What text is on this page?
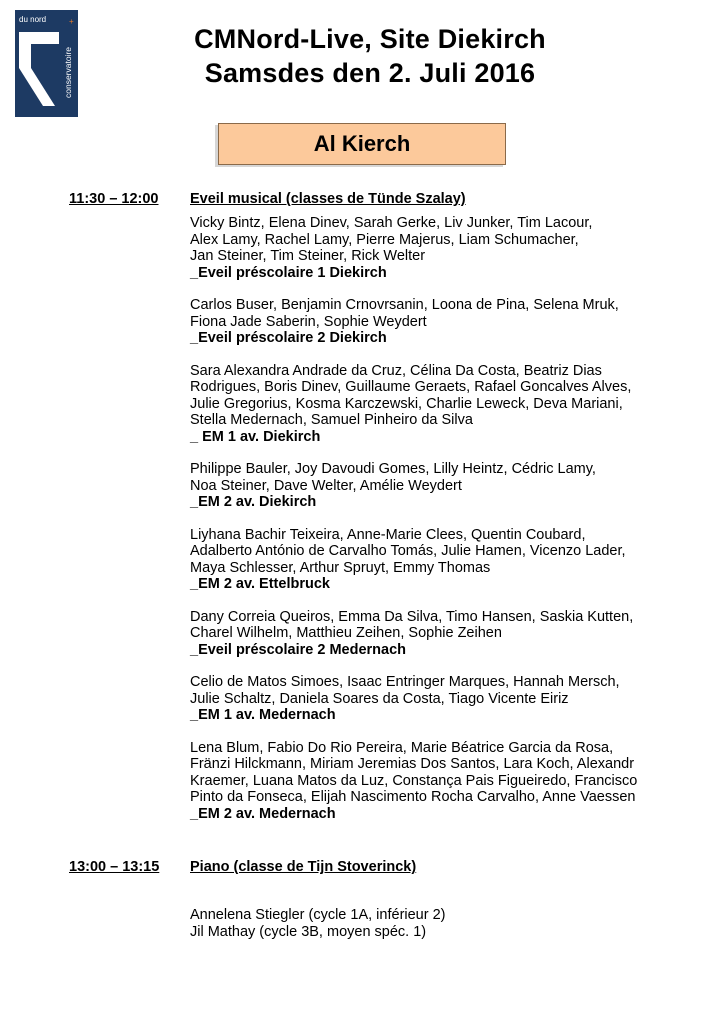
du nord	+
conservatoire
CMNord-Live, Site Diekirch
Samsdes den 2. Juli 2016
Al Kierch
11:30 – 12:00 Eveil musical (classes de Tünde Szalay)
Vicky Bintz, Elena Dinev, Sarah Gerke, Liv Junker, Tim Lacour,
Alex Lamy, Rachel Lamy, Pierre Majerus, Liam Schumacher,
Jan Steiner, Tim Steiner, Rick Welter
_Eveil préscolaire 1 Diekirch
Carlos Buser, Benjamin Crnovrsanin, Loona de Pina, Selena Mruk,
Fiona Jade Saberin, Sophie Weydert
_Eveil préscolaire 2 Diekirch
Sara Alexandra Andrade da Cruz, Célina Da Costa, Beatriz Dias
Rodrigues, Boris Dinev, Guillaume Geraets, Rafael Goncalves Alves,
Julie Gregorius, Kosma Karczewski, Charlie Leweck, Deva Mariani,
Stella Medernach, Samuel Pinheiro da Silva
_ EM 1 av. Diekirch
Philippe Bauler, Joy Davoudi Gomes, Lilly Heintz, Cédric Lamy,
Noa Steiner, Dave Welter, Amélie Weydert
_EM 2 av. Diekirch
Liyhana Bachir Teixeira, Anne-Marie Clees, Quentin Coubard,
Adalberto António de Carvalho Tomás, Julie Hamen, Vicenzo Lader,
Maya Schlesser, Arthur Spruyt, Emmy Thomas
_EM 2 av. Ettelbruck
Dany Correia Queiros, Emma Da Silva, Timo Hansen, Saskia Kutten,
Charel Wilhelm, Matthieu Zeihen, Sophie Zeihen
_Eveil préscolaire 2 Medernach
Celio de Matos Simoes, Isaac Entringer Marques, Hannah Mersch,
Julie Schaltz, Daniela Soares da Costa, Tiago Vicente Eiriz
_EM 1 av. Medernach
Lena Blum, Fabio Do Rio Pereira, Marie Béatrice Garcia da Rosa,
Fränzi Hilckmann, Miriam Jeremias Dos Santos, Lara Koch, Alexandr
Kraemer, Luana Matos da Luz, Constança Pais Figueiredo, Francisco
Pinto da Fonseca, Elijah Nascimento Rocha Carvalho, Anne Vaessen
_EM 2 av. Medernach
13:00 – 13:15 Piano (classe de Tijn Stoverinck)
Annelena Stiegler (cycle 1A, inférieur 2)
Jil Mathay (cycle 3B, moyen spéc. 1)
